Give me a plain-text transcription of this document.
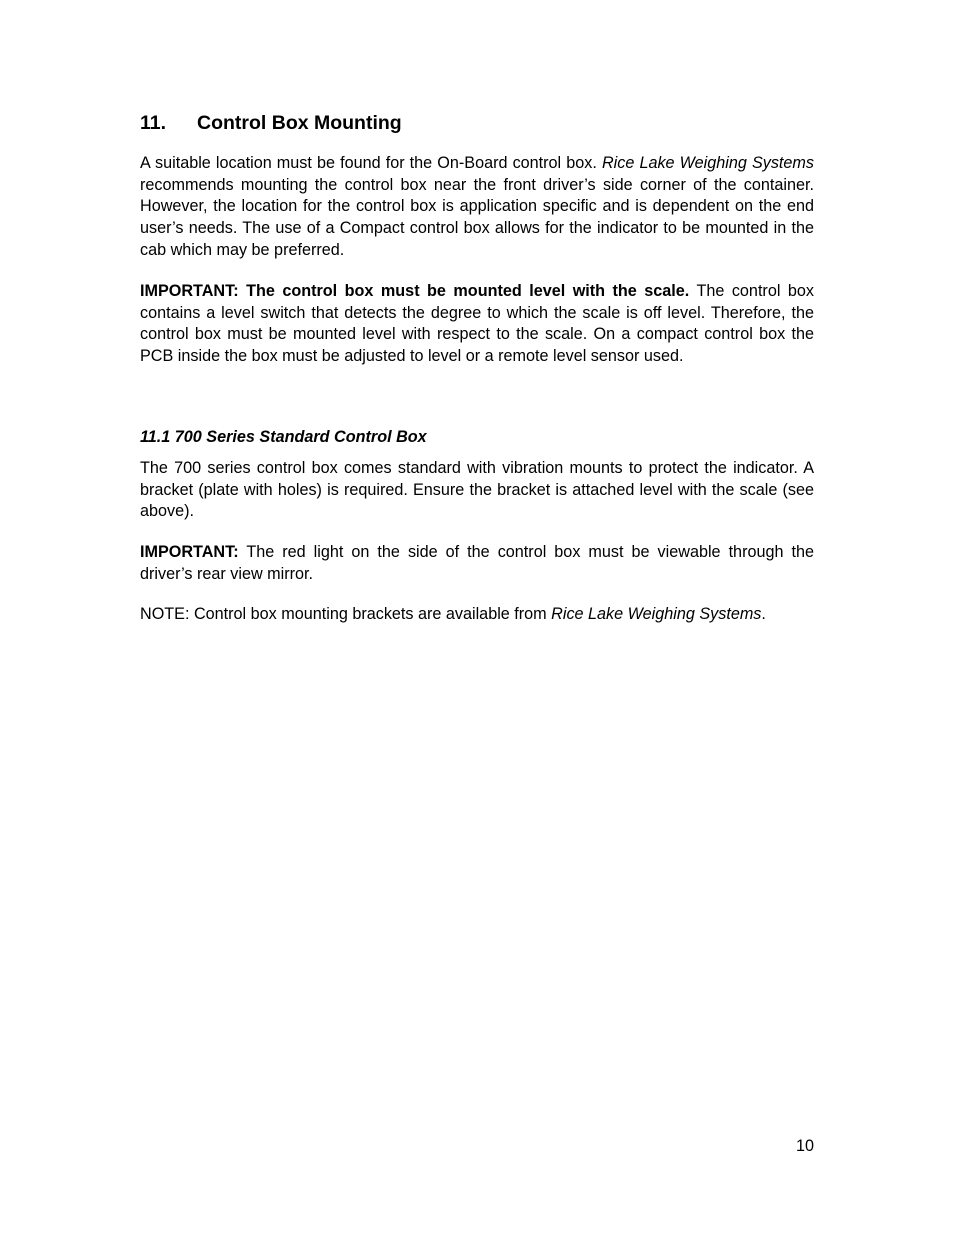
11. Control Box Mounting

A suitable location must be found for the On-Board control box. Rice Lake Weighing Systems recommends mounting the control box near the front driver’s side corner of the container. However, the location for the control box is application specific and is dependent on the end user’s needs. The use of a Compact control box allows for the indicator to be mounted in the cab which may be preferred.

IMPORTANT: The control box must be mounted level with the scale. The control box contains a level switch that detects the degree to which the scale is off level. Therefore, the control box must be mounted level with respect to the scale. On a compact control box the PCB inside the box must be adjusted to level or a remote level sensor used.

11.1 700 Series Standard Control Box

The 700 series control box comes standard with vibration mounts to protect the indicator. A bracket (plate with holes) is required. Ensure the bracket is attached level with the scale (see above).

IMPORTANT: The red light on the side of the control box must be viewable through the driver’s rear view mirror.

NOTE: Control box mounting brackets are available from Rice Lake Weighing Systems.

10
